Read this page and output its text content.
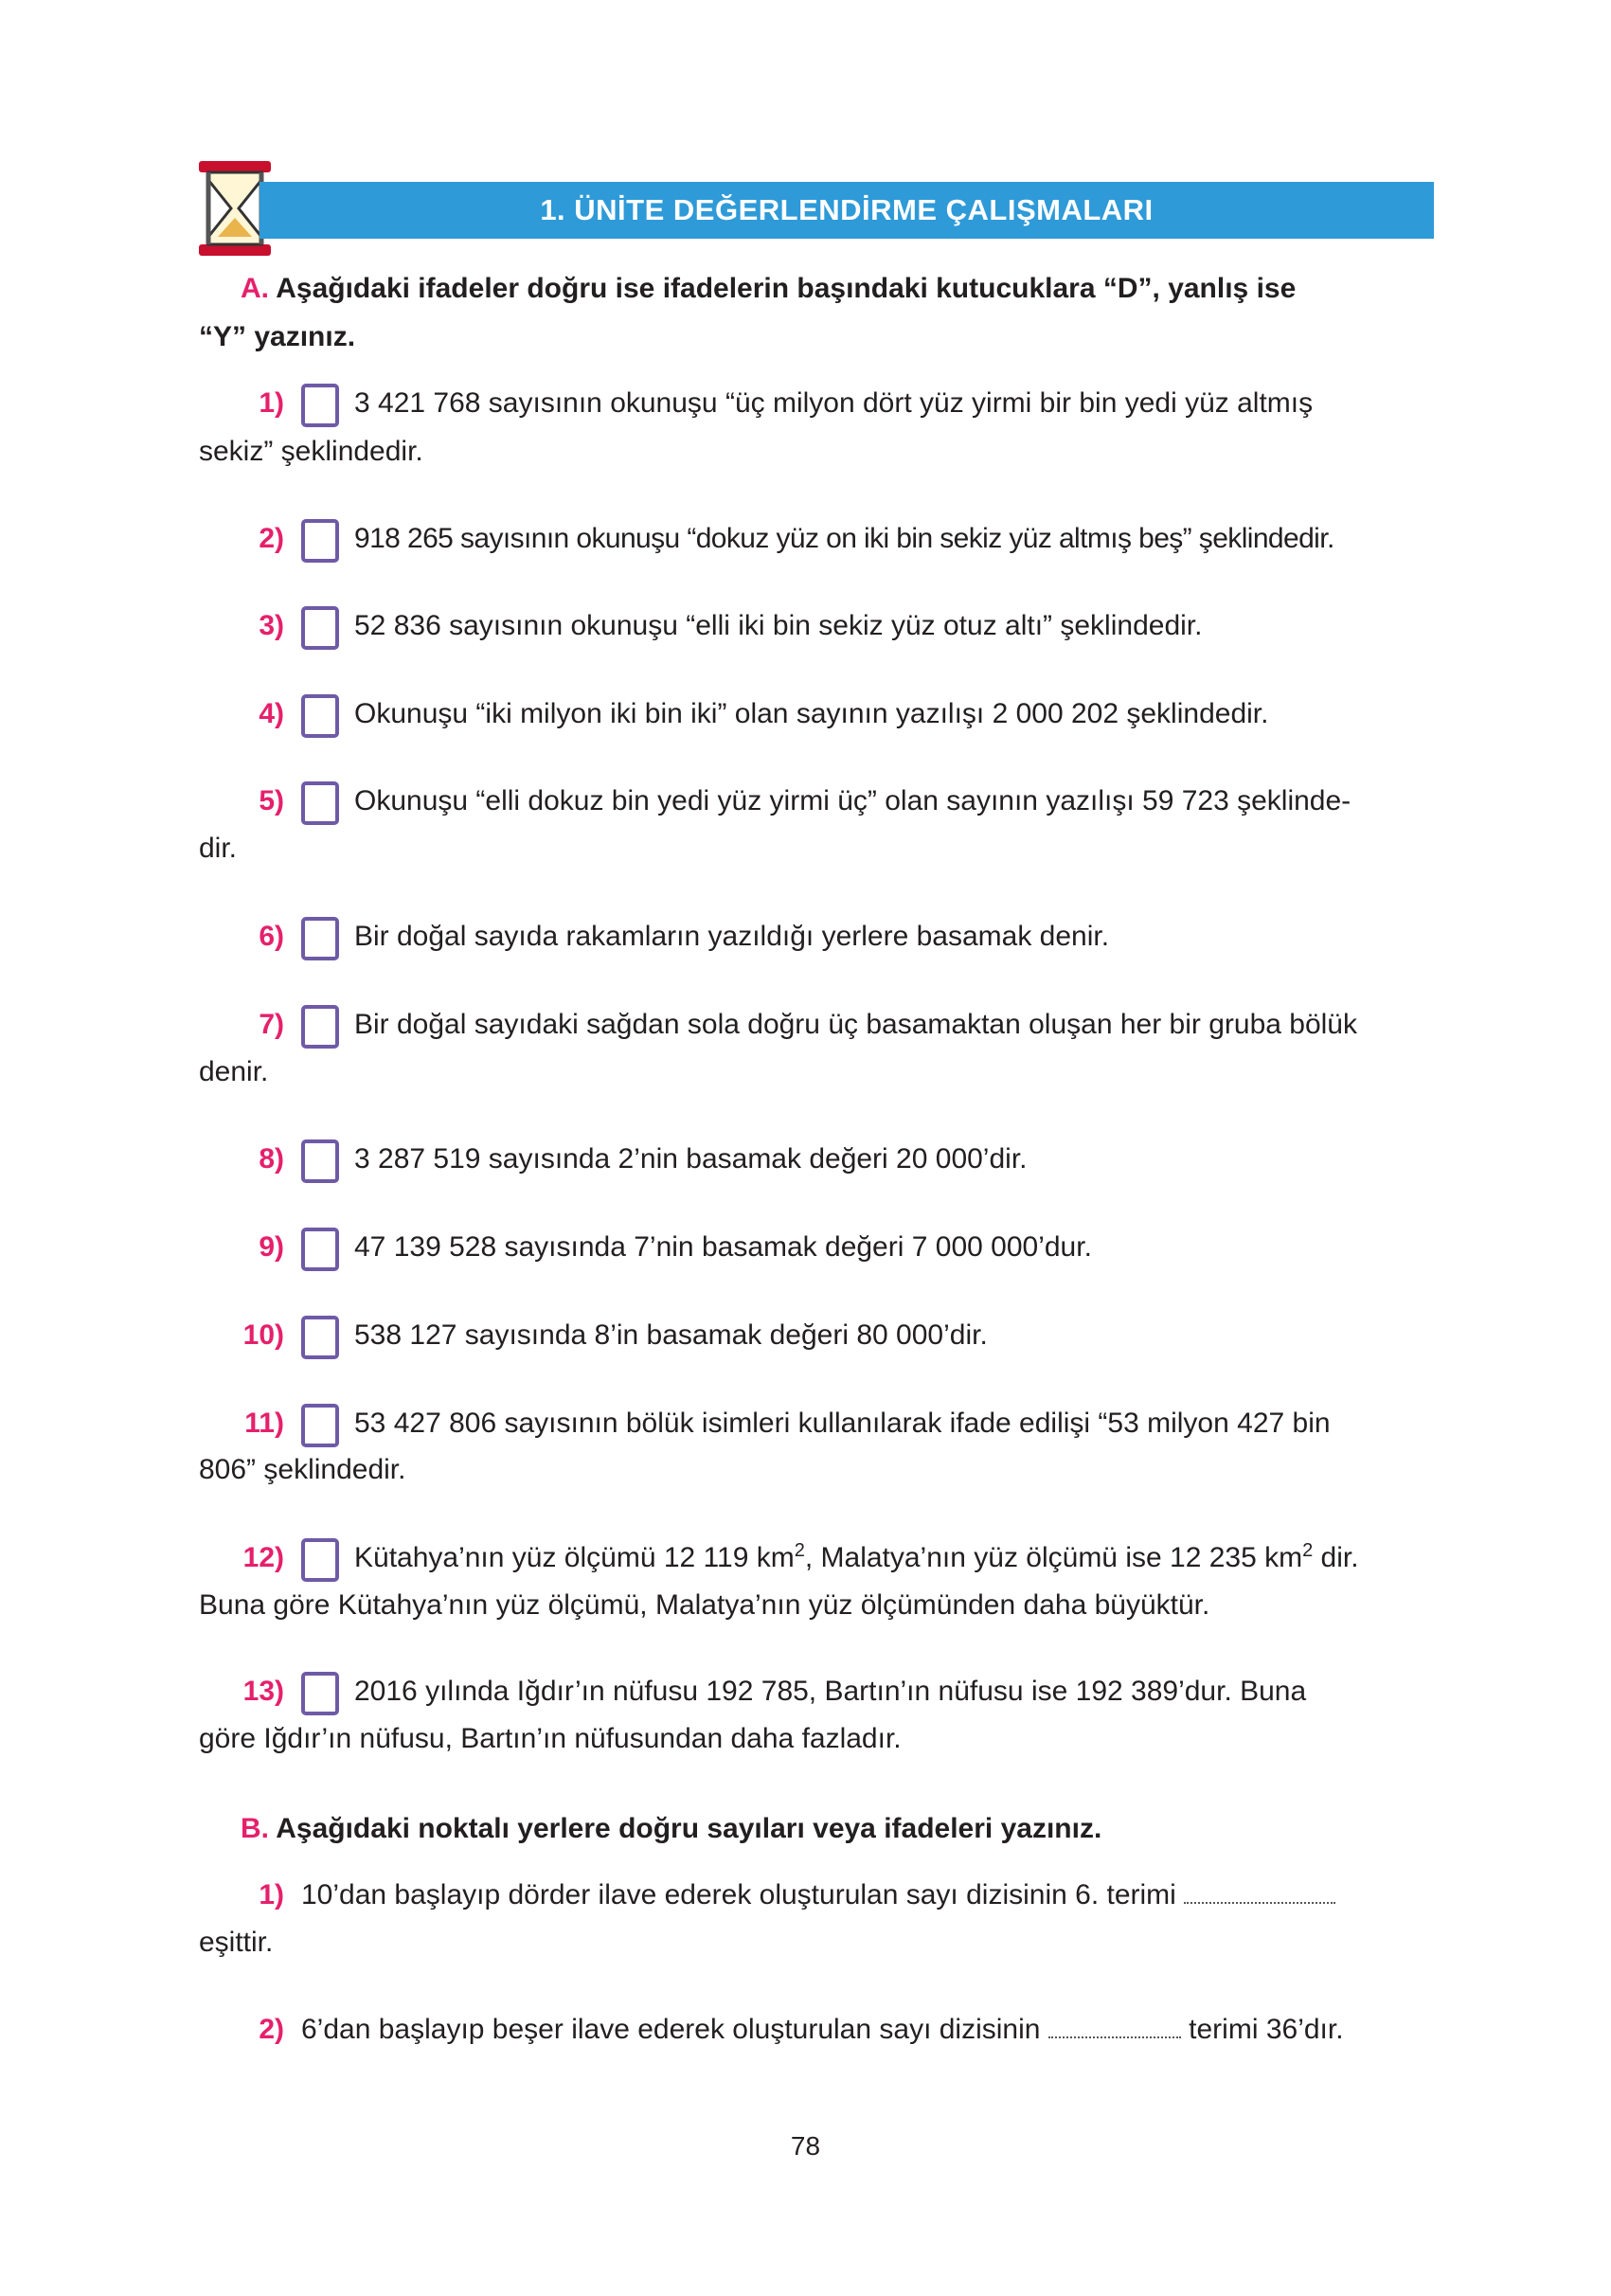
1. ÜNİTE DEĞERLENDİRME ÇALIŞMALARI
A. Aşağıdaki ifadeler doğru ise ifadelerin başındaki kutucuklara “D”, yanlış ise
“Y” yazınız.
1) 3 421 768 sayısının okunuşu “üç milyon dört yüz yirmi bir bin yedi yüz altmış
sekiz” şeklindedir.
2) 918 265 sayısının okunuşu “dokuz yüz on iki bin sekiz yüz altmış beş” şeklindedir.
3) 52 836 sayısının okunuşu “elli iki bin sekiz yüz otuz altı” şeklindedir.
4) Okunuşu “iki milyon iki bin iki” olan sayının yazılışı 2 000 202 şeklindedir.
5) Okunuşu “elli dokuz bin yedi yüz yirmi üç” olan sayının yazılışı 59 723 şeklinde-
dir.
6) Bir doğal sayıda rakamların yazıldığı yerlere basamak denir.
7) Bir doğal sayıdaki sağdan sola doğru üç basamaktan oluşan her bir gruba bölük
denir.
8) 3 287 519 sayısında 2’nin basamak değeri 20 000’dir.
9) 47 139 528 sayısında 7’nin basamak değeri 7 000 000’dur.
10) 538 127 sayısında 8’in basamak değeri 80 000’dir.
11) 53 427 806 sayısının bölük isimleri kullanılarak ifade edilişi “53 milyon 427 bin
806” şeklindedir.
12) Kütahya’nın yüz ölçümü 12 119 $km^2$, Malatya’nın yüz ölçümü ise 12 235 $km^2$ dir.
Buna göre Kütahya’nın yüz ölçümü, Malatya’nın yüz ölçümünden daha büyüktür.
13) 2016 yılında Iğdır’ın nüfusu 192 785, Bartın’ın nüfusu ise 192 389’dur. Buna
göre Iğdır’ın nüfusu, Bartın’ın nüfusundan daha fazladır.
B. Aşağıdaki noktalı yerlere doğru sayıları veya ifadeleri yazınız.
1) 10’dan başlayıp dörder ilave ederek oluşturulan sayı dizisinin 6. terimi
eşittir.
2) 6’dan başlayıp beşer ilave ederek oluşturulan sayı dizisinin	terimi 36’dır.
78
